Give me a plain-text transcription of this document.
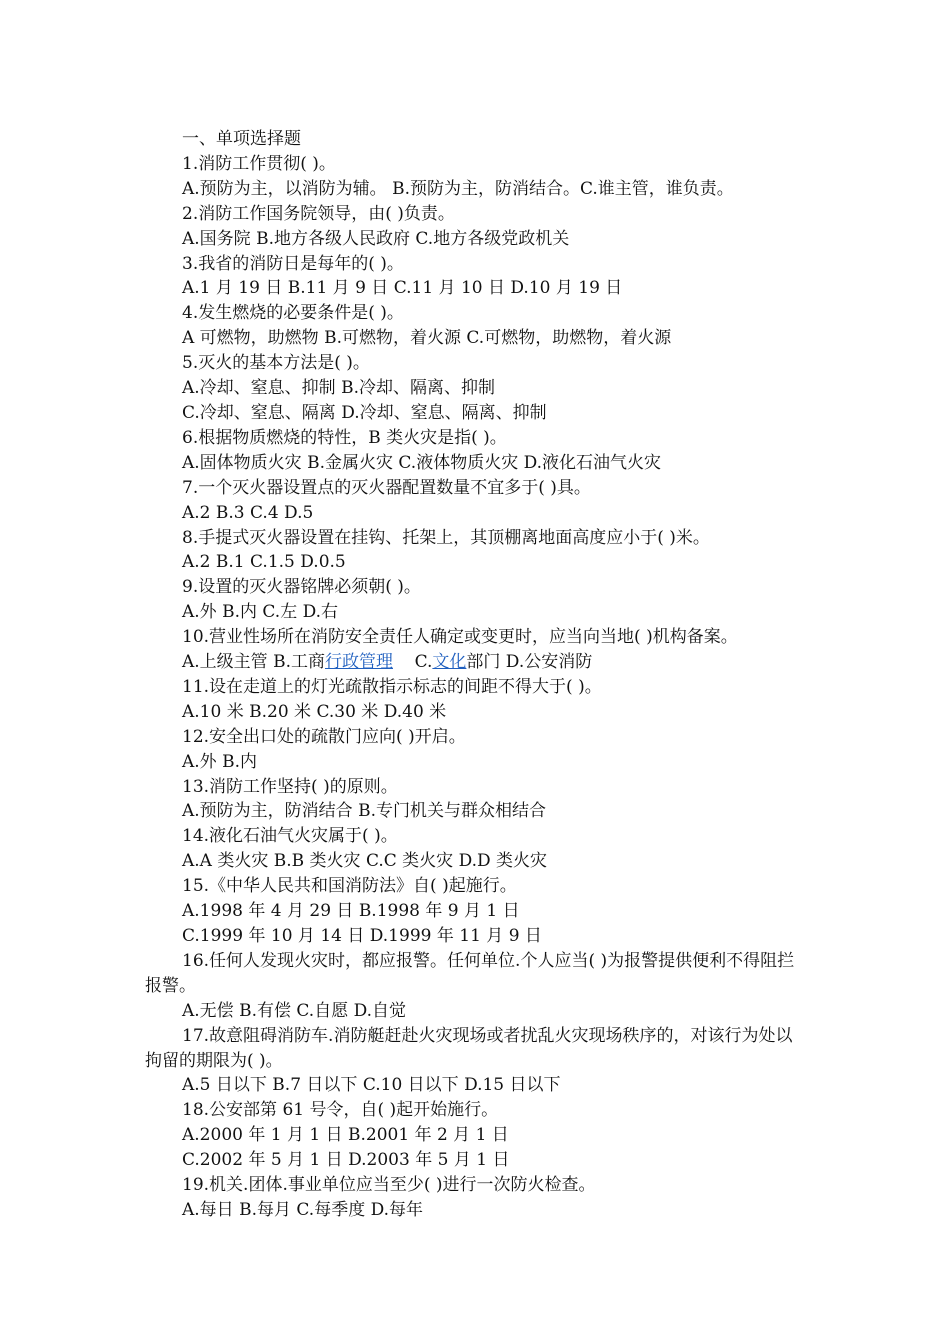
一、单项选择题
1.消防工作贯彻( )。
A.预防为主，以消防为辅。 B.预防为主，防消结合。C.谁主管，谁负责。
2.消防工作国务院领导，由( )负责。
A.国务院 B.地方各级人民政府 C.地方各级党政机关
3.我省的消防日是每年的( )。
A.1 月 19 日 B.11 月 9 日 C.11 月 10 日 D.10 月 19 日
4.发生燃烧的必要条件是( )。
A 可燃物，助燃物 B.可燃物，着火源 C.可燃物，助燃物，着火源
5.灭火的基本方法是( )。
A.冷却、窒息、抑制 B.冷却、隔离、抑制
C.冷却、窒息、隔离 D.冷却、窒息、隔离、抑制
6.根据物质燃烧的特性，B 类火灾是指( )。
A.固体物质火灾 B.金属火灾 C.液体物质火灾 D.液化石油气火灾
7.一个灭火器设置点的灭火器配置数量不宜多于( )具。
A.2 B.3 C.4 D.5
8.手提式灭火器设置在挂钩、托架上，其顶棚离地面高度应小于( )米。
A.2 B.1 C.1.5 D.0.5
9.设置的灭火器铭牌必须朝( )。
A.外 B.内 C.左 D.右
10.营业性场所在消防安全责任人确定或变更时，应当向当地( )机构备案。
A.上级主管 B.工商行政管理    C.文化部门 D.公安消防
11.设在走道上的灯光疏散指示标志的间距不得大于( )。
A.10 米 B.20 米 C.30 米 D.40 米
12.安全出口处的疏散门应向( )开启。
A.外 B.内
13.消防工作坚持( )的原则。
A.预防为主，防消结合 B.专门机关与群众相结合
14.液化石油气火灾属于( )。
A.A 类火灾 B.B 类火灾 C.C 类火灾 D.D 类火灾
15.《中华人民共和国消防法》自( )起施行。
A.1998 年 4 月 29 日 B.1998 年 9 月 1 日
C.1999 年 10 月 14 日 D.1999 年 11 月 9 日
16.任何人发现火灾时，都应报警。任何单位.个人应当( )为报警提供便利不得阻拦报警。
A.无偿 B.有偿 C.自愿 D.自觉
17.故意阻碍消防车.消防艇赶赴火灾现场或者扰乱火灾现场秩序的，对该行为处以拘留的期限为( )。
A.5 日以下 B.7 日以下 C.10 日以下 D.15 日以下
18.公安部第 61 号令，自( )起开始施行。
A.2000 年 1 月 1 日 B.2001 年 2 月 1 日
C.2002 年 5 月 1 日 D.2003 年 5 月 1 日
19.机关.团体.事业单位应当至少( )进行一次防火检查。
A.每日 B.每月 C.每季度 D.每年
